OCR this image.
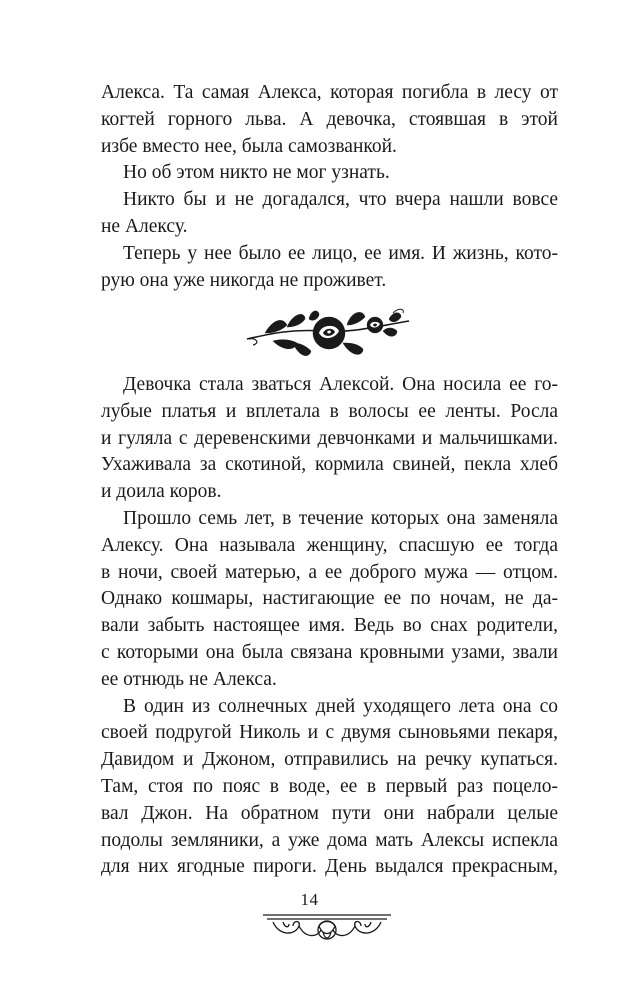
Алекса. Та самая Алекса, которая погибла в лесу от
когтей горного льва. А девочка, стоявшая в этой
избе вместо нее, была самозванкой.
Но об этом никто не мог узнать.
Никто бы и не догадался, что вчера нашли вовсе
не Алексу.
Теперь у нее было ее лицо, ее имя. И жизнь, кото-
рую она уже никогда не проживет.
Девочка стала зваться Алексой. Она носила ее го-
лубые платья и вплетала в волосы ее ленты. Росла
и гуляла с деревенскими девчонками и мальчишками.
Ухаживала за скотиной, кормила свиней, пекла хлеб
и доила коров.
Прошло семь лет, в течение которых она заменяла
Алексу. Она называла женщину, спасшую ее тогда
в ночи, своей матерью, а ее доброго мужа — отцом.
Однако кошмары, настигающие ее по ночам, не да-
вали забыть настоящее имя. Ведь во снах родители,
с которыми она была связана кровными узами, звали
ее отнюдь не Алекса.
В один из солнечных дней уходящего лета она со
своей подругой Николь и с двумя сыновьями пекаря,
Давидом и Джоном, отправились на речку купаться.
Там, стоя по пояс в воде, ее в первый раз поцело-
вал Джон. На обратном пути они набрали целые
подолы земляники, а уже дома мать Алексы испекла
для них ягодные пироги. День выдался прекрасным,
14
